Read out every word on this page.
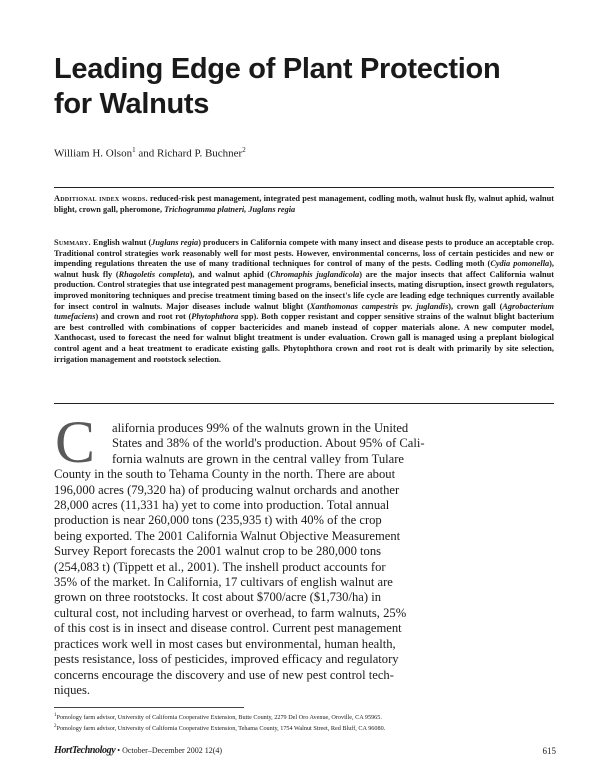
Leading Edge of Plant Protection
for Walnuts
William H. Olson$^1$ and Richard P. Buchner$^2$
Additional index words. reduced-risk pest management, integrated pest management, codling moth, walnut husk fly, walnut aphid, walnut blight, crown gall, pheromone, Trichogramma platneri, Juglans regia
Summary. English walnut (Juglans regia) producers in California compete with many insect and disease pests to produce an acceptable crop. Traditional control strategies work reasonably well for most pests. However, environmental concerns, loss of certain pesticides and new or impending regulations threaten the use of many traditional techniques for control of many of the pests. Codling moth (Cydia pomonella), walnut husk fly (Rhagoletis completa), and walnut aphid (Chromaphis juglandicola) are the major insects that affect California walnut production. Control strategies that use integrated pest management programs, beneficial insects, mating disruption, insect growth regulators, improved monitoring techniques and precise treatment timing based on the insect's life cycle are leading edge techniques currently available for insect control in walnuts. Major diseases include walnut blight (Xanthomonas campestris pv. juglandis), crown gall (Agrobacterium tumefaciens) and crown and root rot (Phytophthora spp). Both copper resistant and copper sensitive strains of the walnut blight bacterium are best controlled with combinations of copper bactericides and maneb instead of copper materials alone. A new computer model, Xanthocast, used to forecast the need for walnut blight treatment is under evaluation. Crown gall is managed using a preplant biological control agent and a heat treatment to eradicate existing galls. Phytophthora crown and root rot is dealt with primarily by site selection, irrigation management and rootstock selection.
C	alifornia produces 99% of the walnuts grown in the United
States and 38% of the world's production. About 95% of Cali-
fornia walnuts are grown in the central valley from Tulare
County in the south to Tehama County in the north. There are about
196,000 acres (79,320 ha) of producing walnut orchards and another
28,000 acres (11,331 ha) yet to come into production. Total annual
production is near 260,000 tons (235,935 t) with 40% of the crop
being exported. The 2001 California Walnut Objective Measurement
Survey Report forecasts the 2001 walnut crop to be 280,000 tons
(254,083 t) (Tippett et al., 2001). The inshell product accounts for
35% of the market. In California, 17 cultivars of english walnut are
grown on three rootstocks. It cost about $700/acre ($1,730/ha) in
cultural cost, not including harvest or overhead, to farm walnuts, 25%
of this cost is in insect and disease control. Current pest management
practices work well in most cases but environmental, human health,
pests resistance, loss of pesticides, improved efficacy and regulatory
concerns encourage the discovery and use of new pest control tech-
niques.
$^1$Pomology farm advisor, University of California Cooperative Extension, Butte County, 2279 Del Oro Avenue, Oroville, CA 95965.
$^2$Pomology farm advisor, University of California Cooperative Extension, Tehama County, 1754 Walnut Street, Red Bluff, CA 96080.
HortTechnology • October–December 2002 12(4)	615
